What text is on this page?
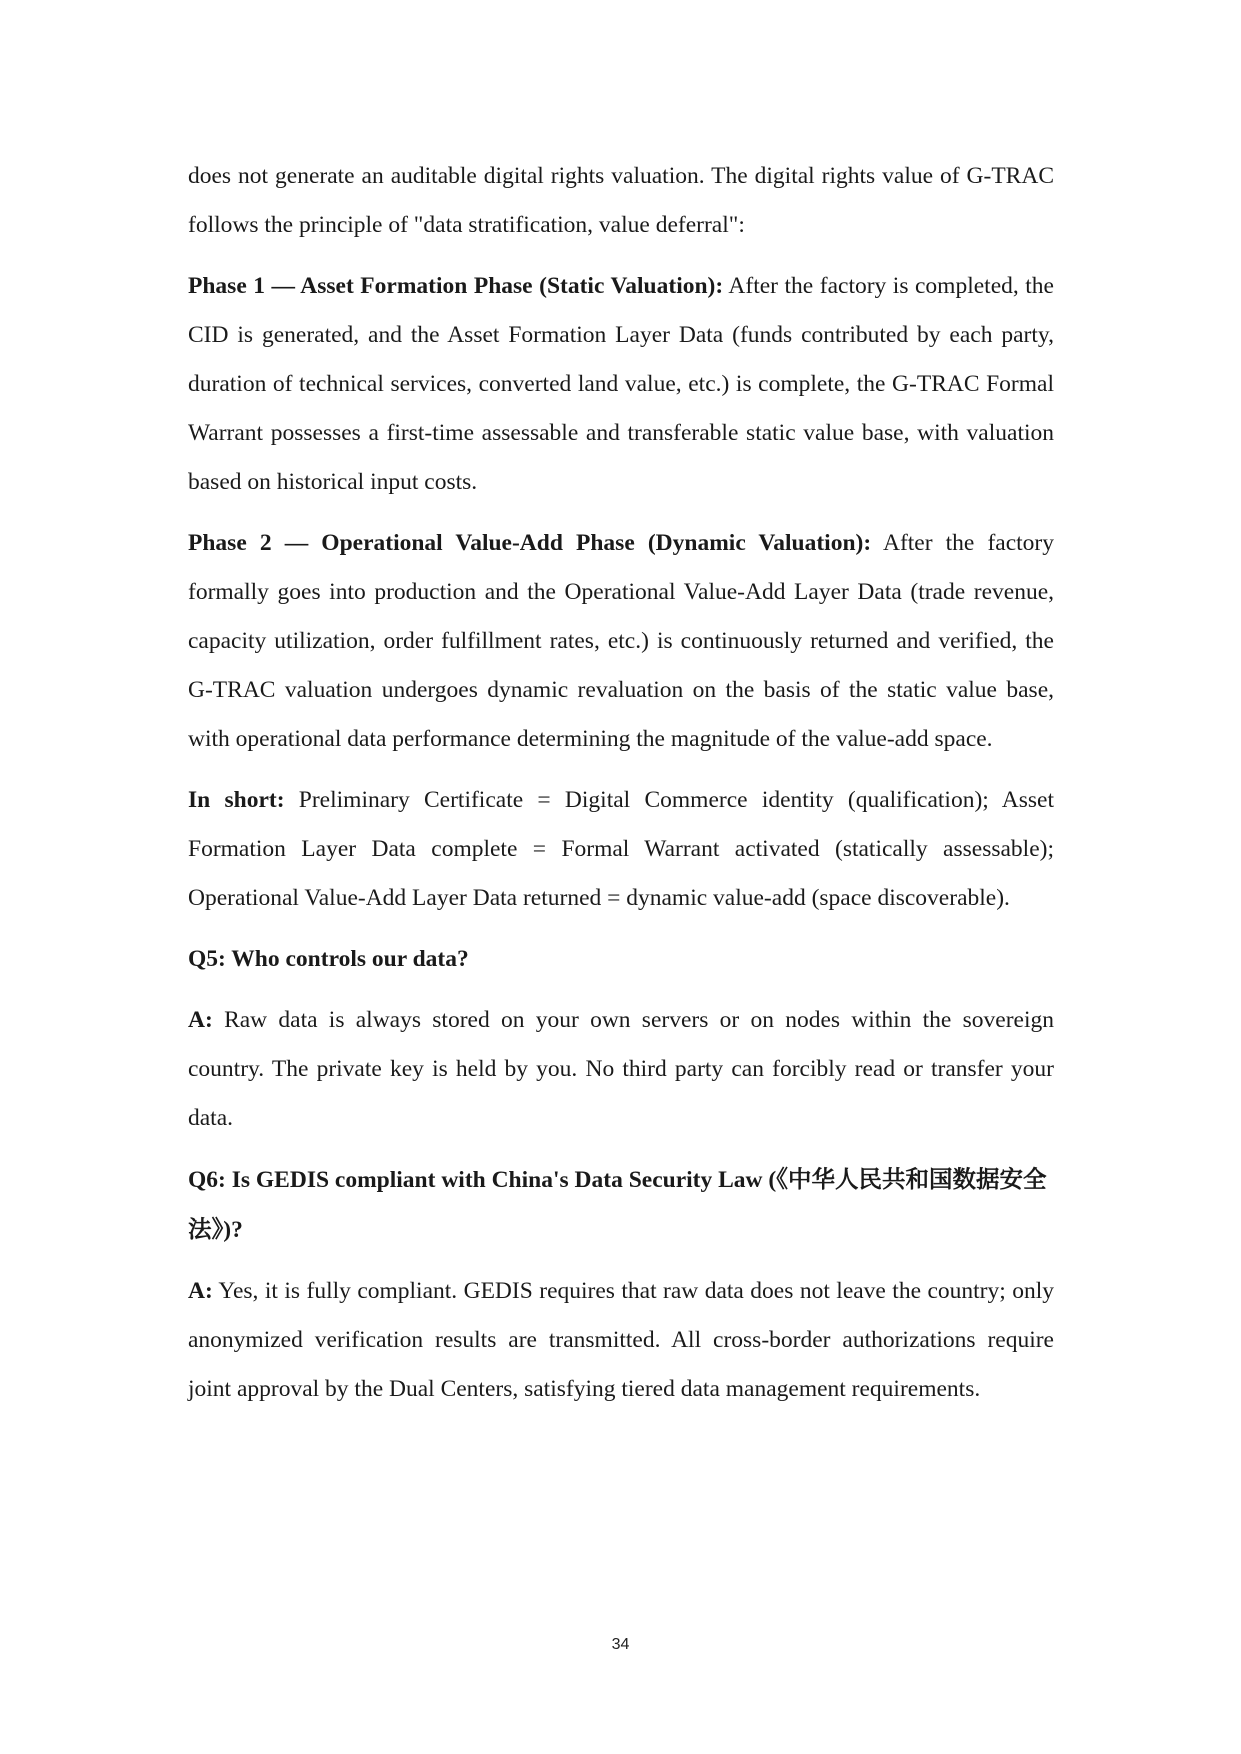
does not generate an auditable digital rights valuation. The digital rights value of G-TRAC follows the principle of "data stratification, value deferral":

Phase 1 — Asset Formation Phase (Static Valuation): After the factory is completed, the CID is generated, and the Asset Formation Layer Data (funds contributed by each party, duration of technical services, converted land value, etc.) is complete, the G-TRAC Formal Warrant possesses a first-time assessable and transferable static value base, with valuation based on historical input costs.

Phase 2 — Operational Value-Add Phase (Dynamic Valuation): After the factory formally goes into production and the Operational Value-Add Layer Data (trade revenue, capacity utilization, order fulfillment rates, etc.) is continuously returned and verified, the G-TRAC valuation undergoes dynamic revaluation on the basis of the static value base, with operational data performance determining the magnitude of the value-add space.

In short: Preliminary Certificate = Digital Commerce identity (qualification); Asset Formation Layer Data complete = Formal Warrant activated (statically assessable); Operational Value-Add Layer Data returned = dynamic value-add (space discoverable).

Q5: Who controls our data?

A: Raw data is always stored on your own servers or on nodes within the sovereign country. The private key is held by you. No third party can forcibly read or transfer your data.

Q6: Is GEDIS compliant with China's Data Security Law (《中华人民共和国数据安全法》)?

A: Yes, it is fully compliant. GEDIS requires that raw data does not leave the country; only anonymized verification results are transmitted. All cross-border authorizations require joint approval by the Dual Centers, satisfying tiered data management requirements.

34
